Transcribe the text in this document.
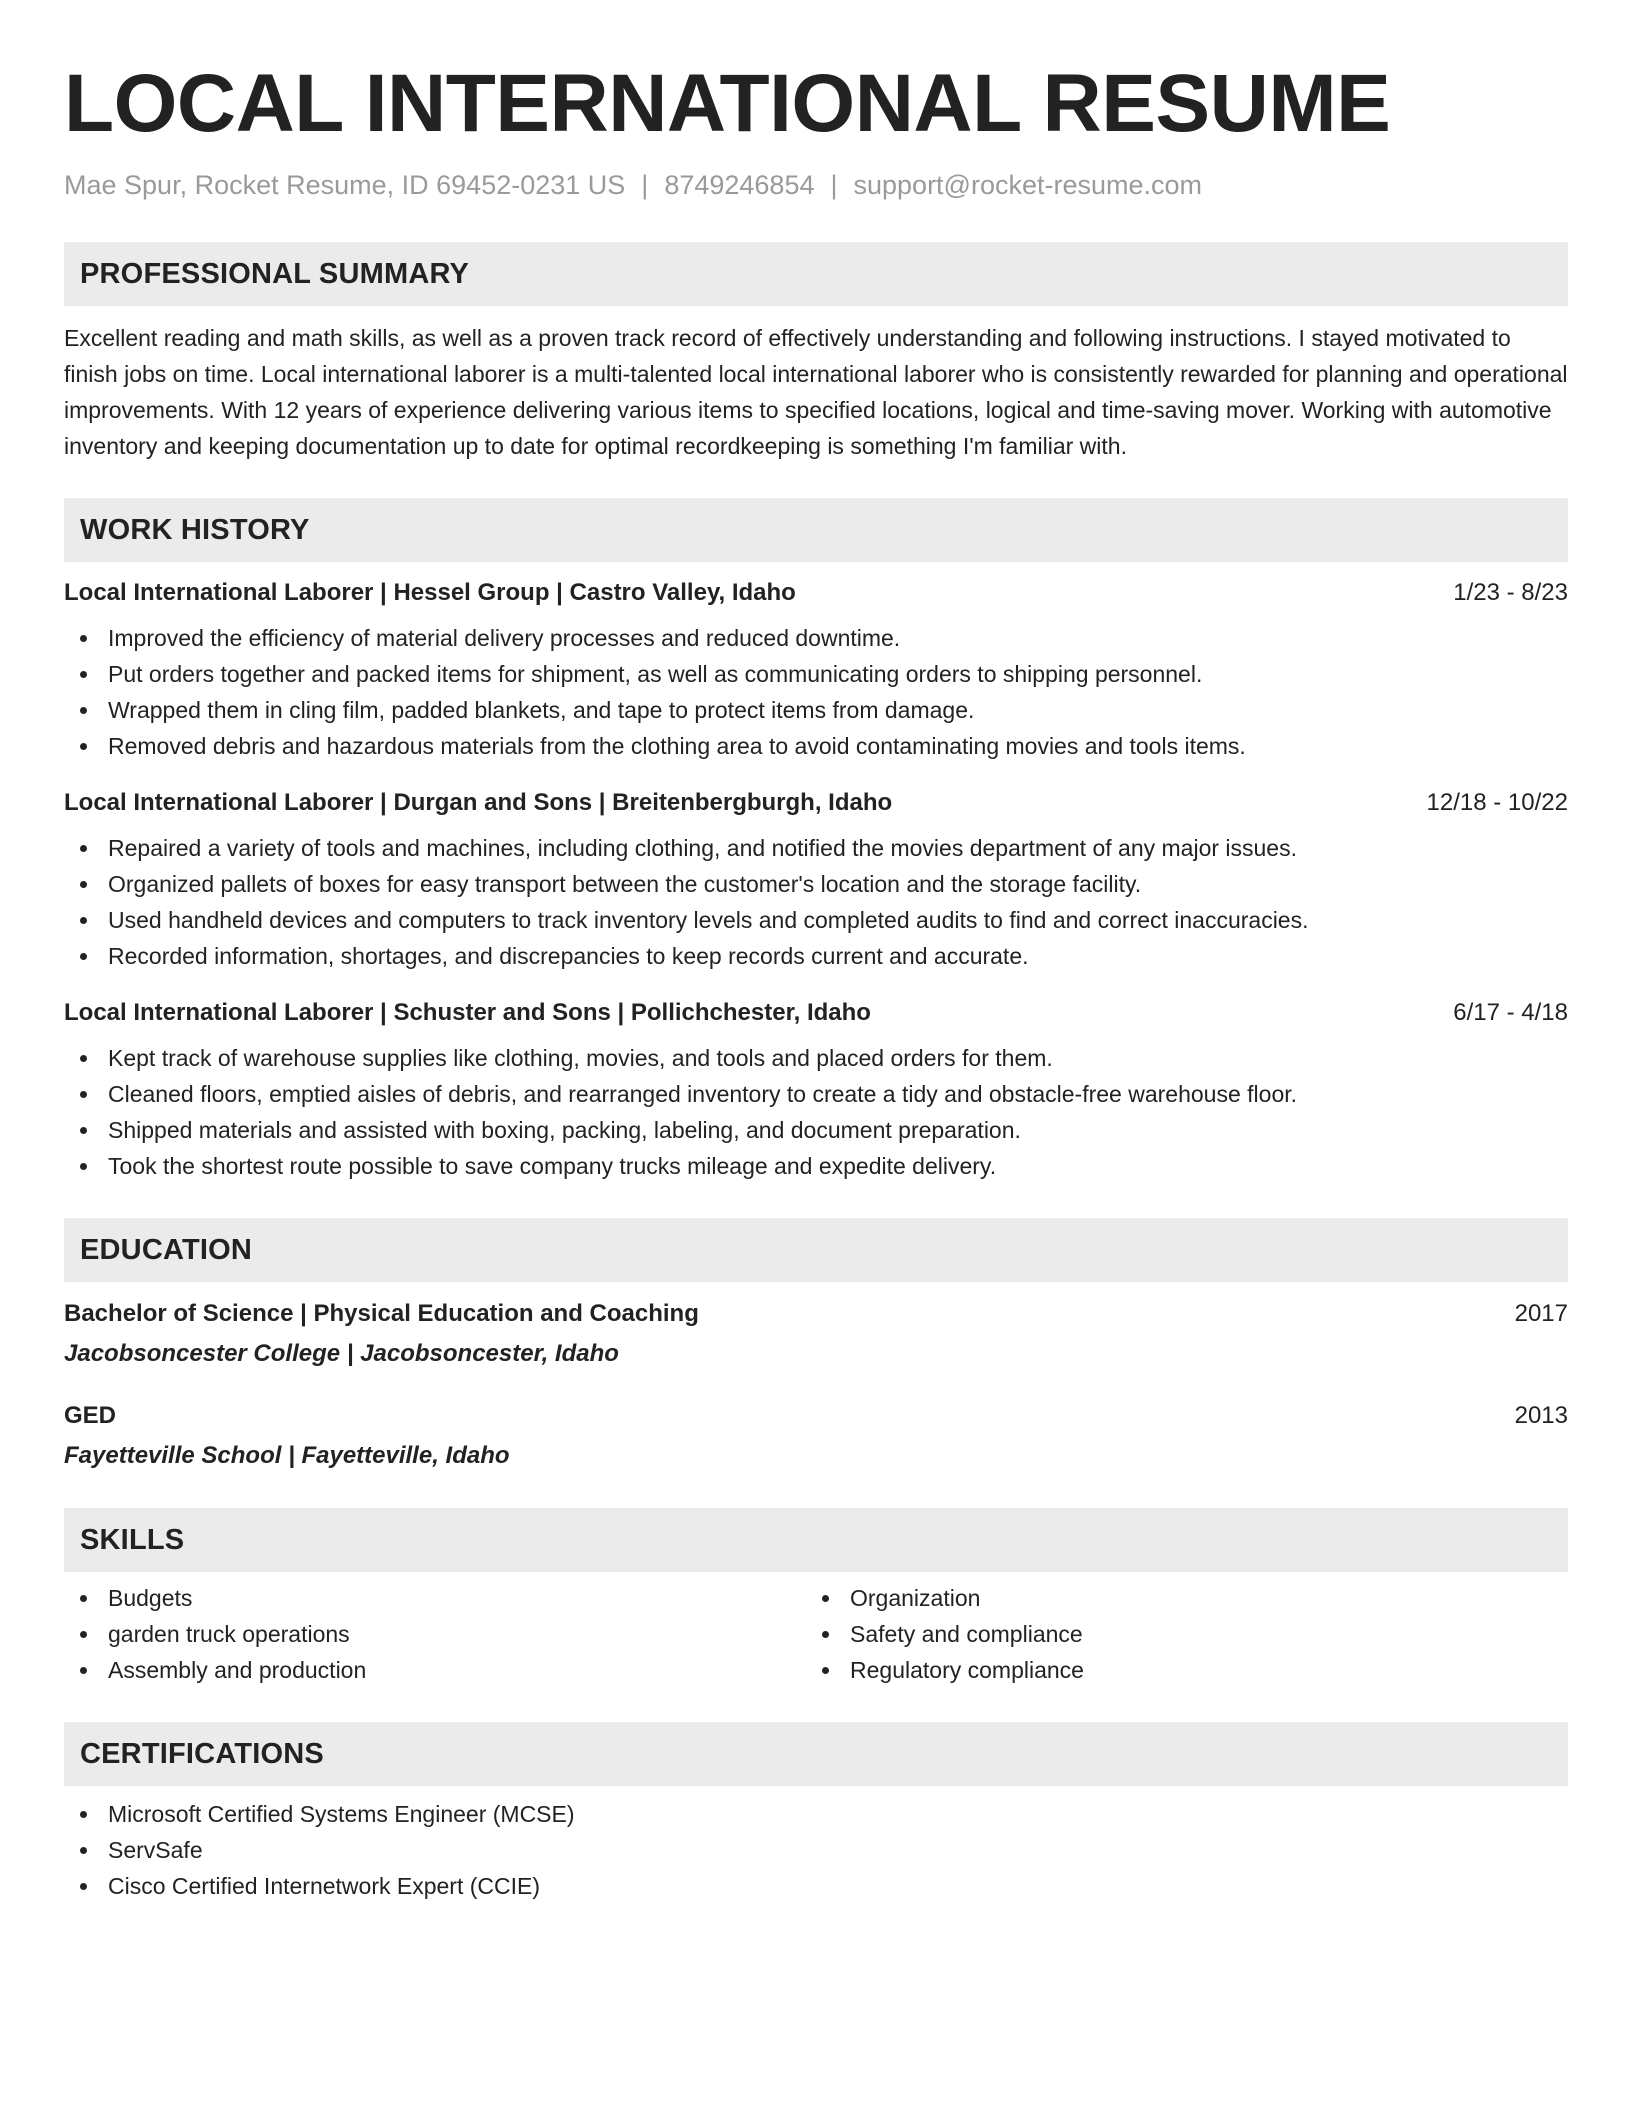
LOCAL INTERNATIONAL RESUME
Mae Spur, Rocket Resume, ID 69452-0231 US | 8749246854 | support@rocket-resume.com
PROFESSIONAL SUMMARY
Excellent reading and math skills, as well as a proven track record of effectively understanding and following instructions. I stayed motivated to finish jobs on time. Local international laborer is a multi-talented local international laborer who is consistently rewarded for planning and operational improvements. With 12 years of experience delivering various items to specified locations, logical and time-saving mover. Working with automotive inventory and keeping documentation up to date for optimal recordkeeping is something I'm familiar with.
WORK HISTORY
Local International Laborer | Hessel Group | Castro Valley, Idaho	1/23 - 8/23
Improved the efficiency of material delivery processes and reduced downtime.
Put orders together and packed items for shipment, as well as communicating orders to shipping personnel.
Wrapped them in cling film, padded blankets, and tape to protect items from damage.
Removed debris and hazardous materials from the clothing area to avoid contaminating movies and tools items.
Local International Laborer | Durgan and Sons | Breitenbergburgh, Idaho	12/18 - 10/22
Repaired a variety of tools and machines, including clothing, and notified the movies department of any major issues.
Organized pallets of boxes for easy transport between the customer's location and the storage facility.
Used handheld devices and computers to track inventory levels and completed audits to find and correct inaccuracies.
Recorded information, shortages, and discrepancies to keep records current and accurate.
Local International Laborer | Schuster and Sons | Pollichchester, Idaho	6/17 - 4/18
Kept track of warehouse supplies like clothing, movies, and tools and placed orders for them.
Cleaned floors, emptied aisles of debris, and rearranged inventory to create a tidy and obstacle-free warehouse floor.
Shipped materials and assisted with boxing, packing, labeling, and document preparation.
Took the shortest route possible to save company trucks mileage and expedite delivery.
EDUCATION
Bachelor of Science | Physical Education and Coaching	2017
Jacobsoncester College | Jacobsoncester, Idaho
GED	2013
Fayetteville School | Fayetteville, Idaho
SKILLS
Budgets
garden truck operations
Assembly and production
Organization
Safety and compliance
Regulatory compliance
CERTIFICATIONS
Microsoft Certified Systems Engineer (MCSE)
ServSafe
Cisco Certified Internetwork Expert (CCIE)
